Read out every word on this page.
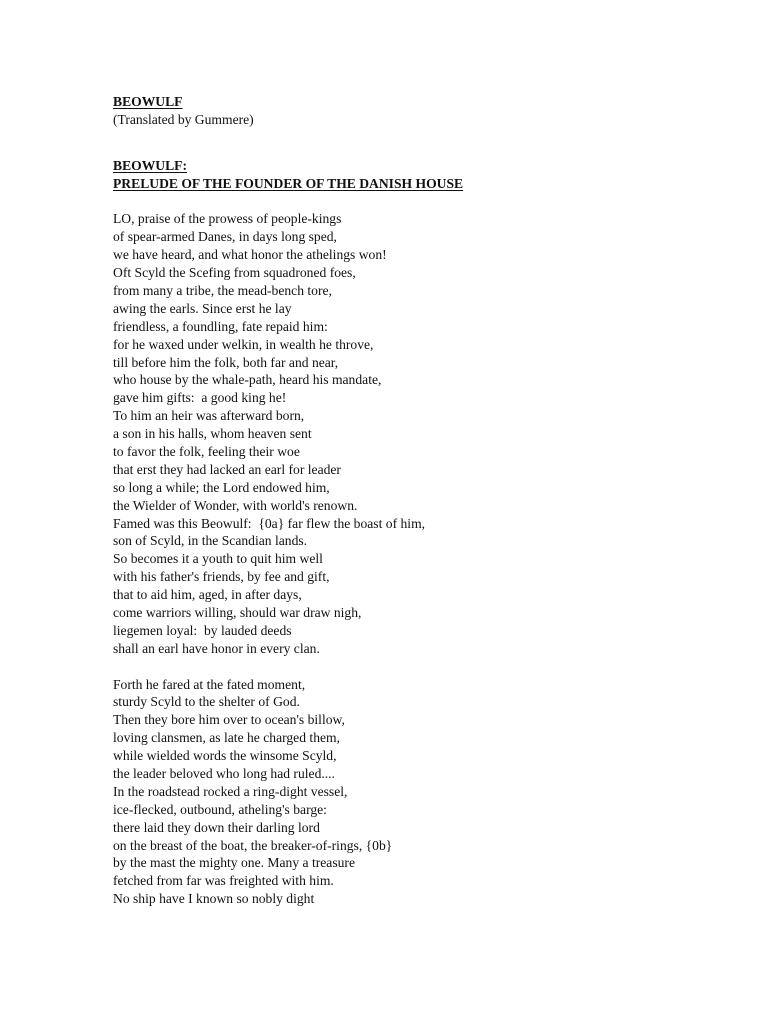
BEOWULF
(Translated by Gummere)
BEOWULF:
PRELUDE OF THE FOUNDER OF THE DANISH HOUSE
LO, praise of the prowess of people-kings
of spear-armed Danes, in days long sped,
we have heard, and what honor the athelings won!
Oft Scyld the Scefing from squadroned foes,
from many a tribe, the mead-bench tore,
awing the earls. Since erst he lay
friendless, a foundling, fate repaid him:
for he waxed under welkin, in wealth he throve,
till before him the folk, both far and near,
who house by the whale-path, heard his mandate,
gave him gifts:  a good king he!
To him an heir was afterward born,
a son in his halls, whom heaven sent
to favor the folk, feeling their woe
that erst they had lacked an earl for leader
so long a while; the Lord endowed him,
the Wielder of Wonder, with world's renown.
Famed was this Beowulf:  {0a} far flew the boast of him,
son of Scyld, in the Scandian lands.
So becomes it a youth to quit him well
with his father's friends, by fee and gift,
that to aid him, aged, in after days,
come warriors willing, should war draw nigh,
liegemen loyal:  by lauded deeds
shall an earl have honor in every clan.
Forth he fared at the fated moment,
sturdy Scyld to the shelter of God.
Then they bore him over to ocean's billow,
loving clansmen, as late he charged them,
while wielded words the winsome Scyld,
the leader beloved who long had ruled....
In the roadstead rocked a ring-dight vessel,
ice-flecked, outbound, atheling's barge:
there laid they down their darling lord
on the breast of the boat, the breaker-of-rings, {0b}
by the mast the mighty one. Many a treasure
fetched from far was freighted with him.
No ship have I known so nobly dight
